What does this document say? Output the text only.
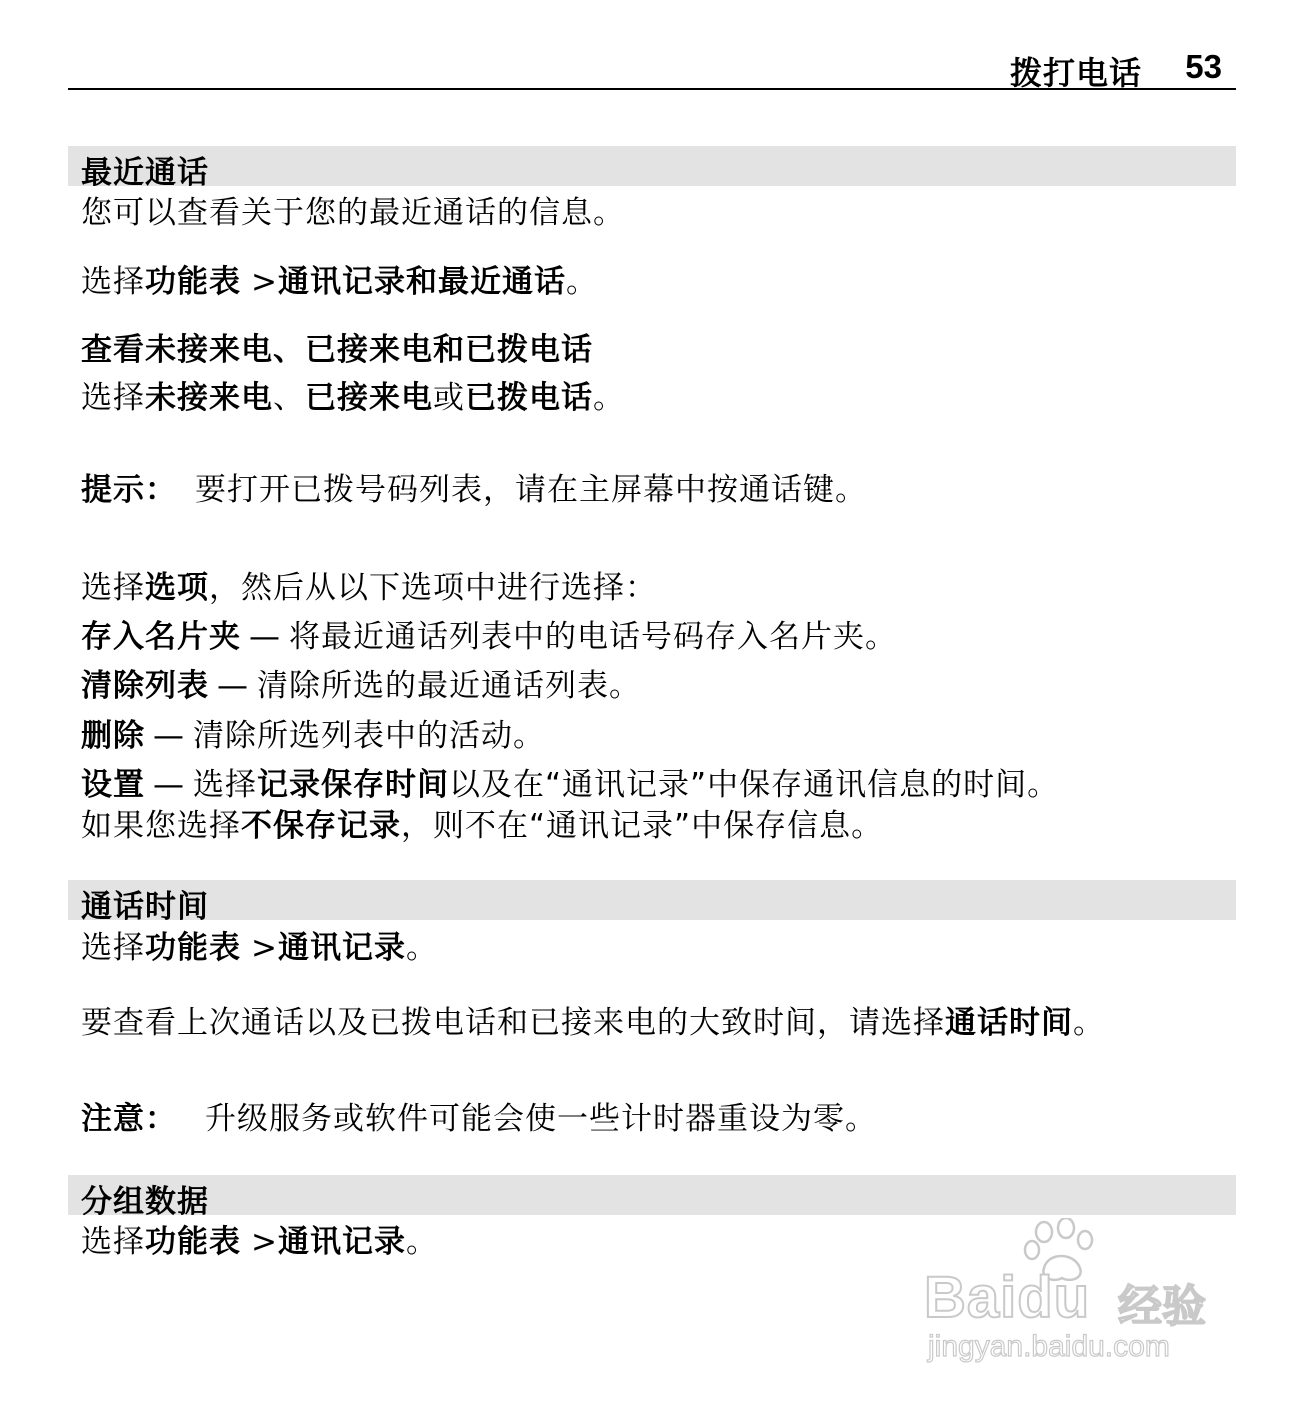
拨打电话 53
最近通话
您可以查看关于您的最近通话的信息。
选择功能表 >通讯记录和最近通话。
查看未接来电、已接来电和已拨电话
选择未接来电、已接来电或已拨电话。
提示： 要打开已拨号码列表，请在主屏幕中按通话键。
选择选项，然后从以下选项中进行选择：
存入名片夹 — 将最近通话列表中的电话号码存入名片夹。
清除列表 — 清除所选的最近通话列表。
删除 — 清除所选列表中的活动。
设置 — 选择记录保存时间以及在“通讯记录”中保存通讯信息的时间。
如果您选择不保存记录，则不在“通讯记录”中保存信息。
通话时间
选择功能表 >通讯记录。
要查看上次通话以及已拨电话和已接来电的大致时间，请选择通话时间。
注意： 升级服务或软件可能会使一些计时器重设为零。
分组数据
选择功能表 >通讯记录。
Baidu 经验
jingyan.baidu.com
